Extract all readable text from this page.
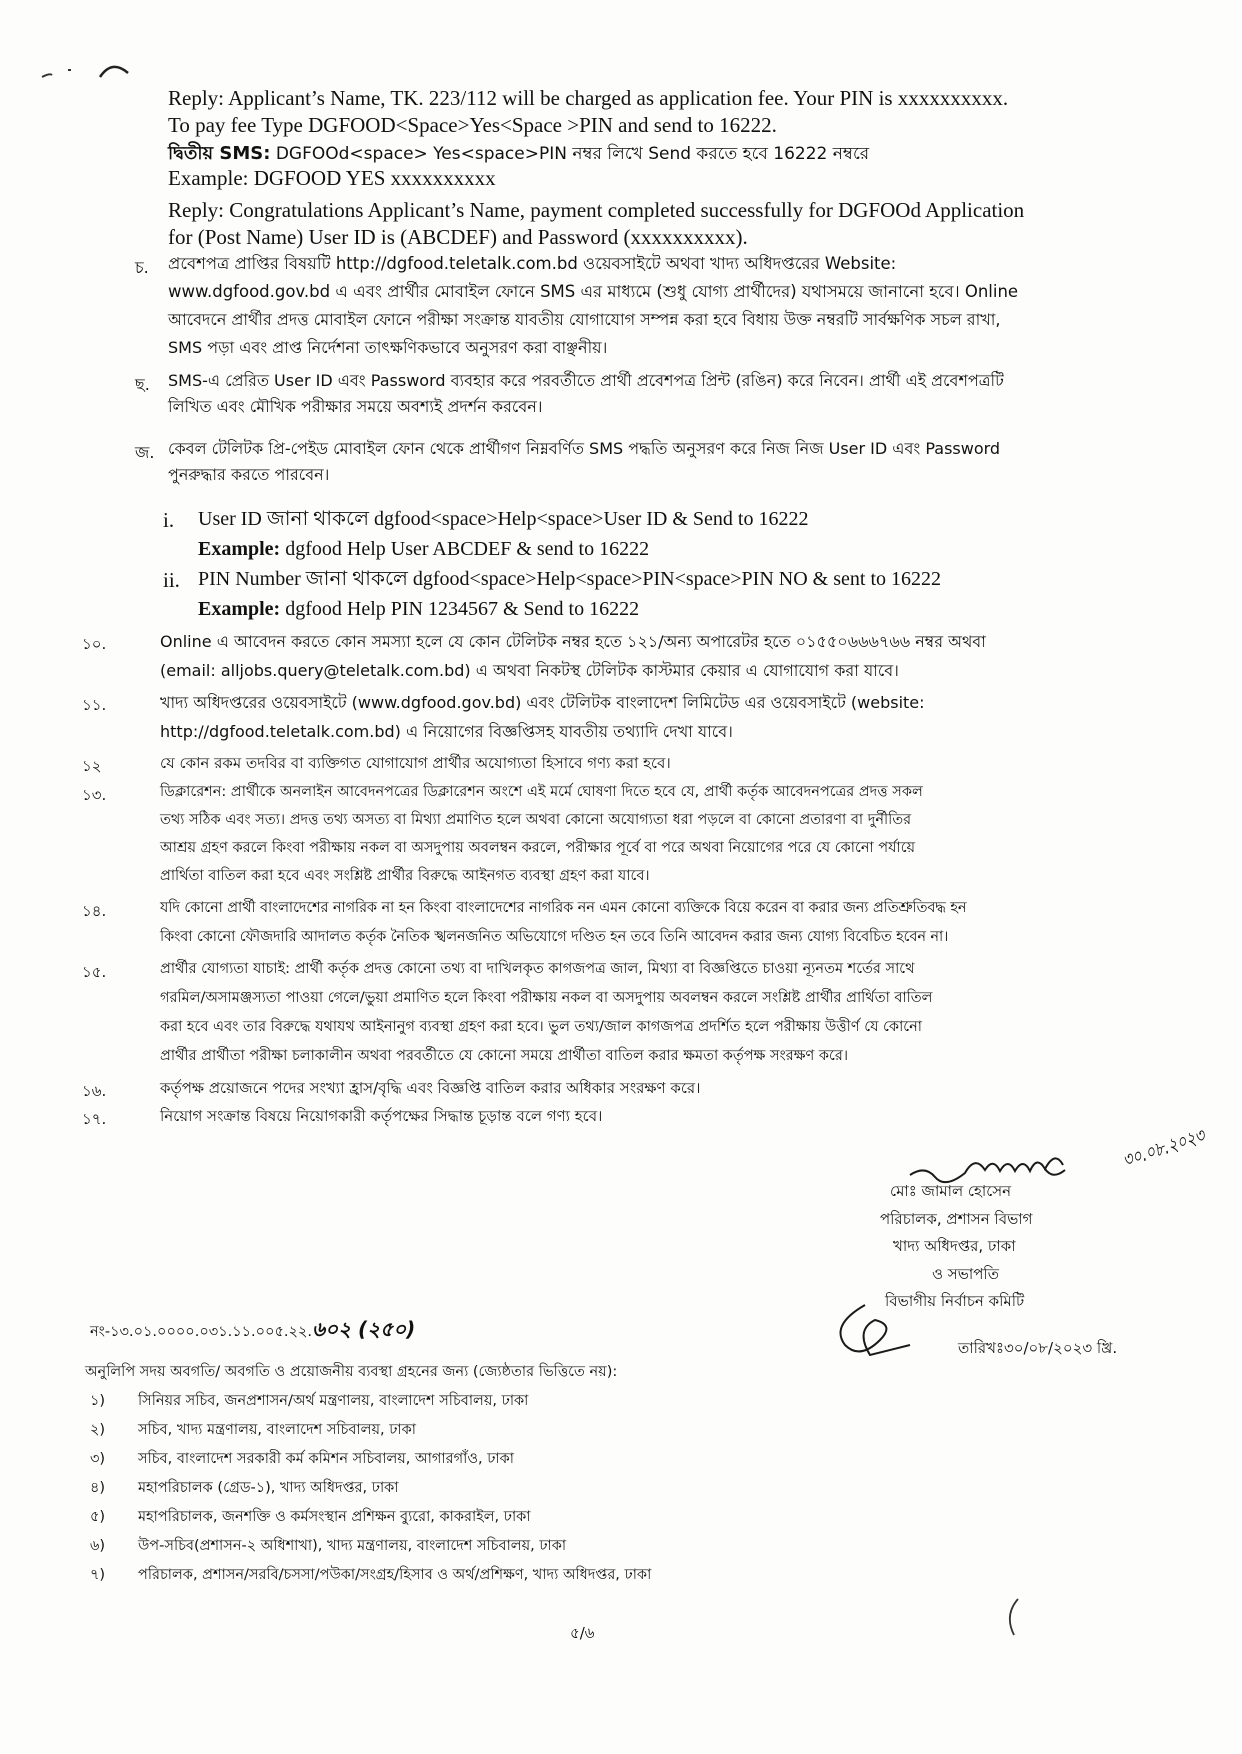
Reply: Applicant’s Name, TK. 223/112 will be charged as application fee. Your PIN is xxxxxxxxxx.
To pay fee Type DGFOOD<Space>Yes<Space >PIN and send to 16222.
দ্বিতীয় SMS: DGFOOd<space> Yes<space>PIN নম্বর লিখে Send করতে হবে 16222 নম্বরে
Example: DGFOOD YES xxxxxxxxxx
Reply: Congratulations Applicant’s Name, payment completed successfully for DGFOOd Application
for (Post Name) User ID is (ABCDEF) and Password (xxxxxxxxxx).
চ. প্রবেশপত্র প্রাপ্তির বিষয়টি http://dgfood.teletalk.com.bd ওয়েবসাইটে অথবা খাদ্য অধিদপ্তরের Website:
www.dgfood.gov.bd এ এবং প্রার্থীর মোবাইল ফোনে SMS এর মাধ্যমে (শুধু যোগ্য প্রার্থীদের) যথাসময়ে জানানো হবে। Online
আবেদনে প্রার্থীর প্রদত্ত মোবাইল ফোনে পরীক্ষা সংক্রান্ত যাবতীয় যোগাযোগ সম্পন্ন করা হবে বিধায় উক্ত নম্বরটি সার্বক্ষণিক সচল রাখা,
SMS পড়া এবং প্রাপ্ত নির্দেশনা তাৎক্ষণিকভাবে অনুসরণ করা বাঞ্ছনীয়।
ছ. SMS-এ প্রেরিত User ID এবং Password ব্যবহার করে পরবর্তীতে প্রার্থী প্রবেশপত্র প্রিন্ট (রঙিন) করে নিবেন। প্রার্থী এই প্রবেশপত্রটি
লিখিত এবং মৌখিক পরীক্ষার সময়ে অবশ্যই প্রদর্শন করবেন।
জ. কেবল টেলিটক প্রি-পেইড মোবাইল ফোন থেকে প্রার্থীগণ নিম্নবর্ণিত SMS পদ্ধতি অনুসরণ করে নিজ নিজ User ID এবং Password
পুনরুদ্ধার করতে পারবেন।
i. User ID জানা থাকলে dgfood<space>Help<space>User ID & Send to 16222
Example: dgfood Help User ABCDEF & send to 16222
ii. PIN Number জানা থাকলে dgfood<space>Help<space>PIN<space>PIN NO & sent to 16222
Example: dgfood Help PIN 1234567 & Send to 16222
১০.	Online এ আবেদন করতে কোন সমস্যা হলে যে কোন টেলিটক নম্বর হতে ১২১/অন্য অপারেটর হতে ০১৫৫০৬৬৬৭৬৬ নম্বর অথবা
(email: alljobs.query@teletalk.com.bd) এ অথবা নিকটস্থ টেলিটক কাস্টমার কেয়ার এ যোগাযোগ করা যাবে।
১১.	খাদ্য অধিদপ্তরের ওয়েবসাইটে (www.dgfood.gov.bd) এবং টেলিটক বাংলাদেশ লিমিটেড এর ওয়েবসাইটে (website:
http://dgfood.teletalk.com.bd) এ নিয়োগের বিজ্ঞপ্তিসহ যাবতীয় তথ্যাদি দেখা যাবে।
১২	যে কোন রকম তদবির বা ব্যক্তিগত যোগাযোগ প্রার্থীর অযোগ্যতা হিসাবে গণ্য করা হবে।
১৩.	ডিক্লারেশন: প্রার্থীকে অনলাইন আবেদনপত্রের ডিক্লারেশন অংশে এই মর্মে ঘোষণা দিতে হবে যে, প্রার্থী কর্তৃক আবেদনপত্রের প্রদত্ত সকল
তথ্য সঠিক এবং সত্য। প্রদত্ত তথ্য অসত্য বা মিথ্যা প্রমাণিত হলে অথবা কোনো অযোগ্যতা ধরা পড়লে বা কোনো প্রতারণা বা দুর্নীতির
আশ্রয় গ্রহণ করলে কিংবা পরীক্ষায় নকল বা অসদুপায় অবলম্বন করলে, পরীক্ষার পূর্বে বা পরে অথবা নিয়োগের পরে যে কোনো পর্যায়ে
প্রার্থিতা বাতিল করা হবে এবং সংশ্লিষ্ট প্রার্থীর বিরুদ্ধে আইনগত ব্যবস্থা গ্রহণ করা যাবে।
১৪.	যদি কোনো প্রার্থী বাংলাদেশের নাগরিক না হন কিংবা বাংলাদেশের নাগরিক নন এমন কোনো ব্যক্তিকে বিয়ে করেন বা করার জন্য প্রতিশ্রুতিবদ্ধ হন
কিংবা কোনো ফৌজদারি আদালত কর্তৃক নৈতিক স্খলনজনিত অভিযোগে দণ্ডিত হন তবে তিনি আবেদন করার জন্য যোগ্য বিবেচিত হবেন না।
১৫.	প্রার্থীর যোগ্যতা যাচাই: প্রার্থী কর্তৃক প্রদত্ত কোনো তথ্য বা দাখিলকৃত কাগজপত্র জাল, মিথ্যা বা বিজ্ঞপ্তিতে চাওয়া ন্যূনতম শর্তের সাথে
গরমিল/অসামঞ্জস্যতা পাওয়া গেলে/ভুয়া প্রমাণিত হলে কিংবা পরীক্ষায় নকল বা অসদুপায় অবলম্বন করলে সংশ্লিষ্ট প্রার্থীর প্রার্থিতা বাতিল
করা হবে এবং তার বিরুদ্ধে যথাযথ আইনানুগ ব্যবস্থা গ্রহণ করা হবে। ভুল তথ্য/জাল কাগজপত্র প্রদর্শিত হলে পরীক্ষায় উত্তীর্ণ যে কোনো
প্রার্থীর প্রার্থীতা পরীক্ষা চলাকালীন অথবা পরবর্তীতে যে কোনো সময়ে প্রার্থীতা বাতিল করার ক্ষমতা কর্তৃপক্ষ সংরক্ষণ করে।
১৬.	কর্তৃপক্ষ প্রয়োজনে পদের সংখ্যা হ্রাস/বৃদ্ধি এবং বিজ্ঞপ্তি বাতিল করার অধিকার সংরক্ষণ করে।
১৭.	নিয়োগ সংক্রান্ত বিষয়ে নিয়োগকারী কর্তৃপক্ষের সিদ্ধান্ত চূড়ান্ত বলে গণ্য হবে।
৩০.০৮.২০২৩
মোঃ জামাল হোসেন
পরিচালক, প্রশাসন বিভাগ
খাদ্য অধিদপ্তর, ঢাকা
ও সভাপতি
বিভাগীয় নির্বাচন কমিটি
নং-১৩.০১.০০০০.০৩১.১১.০০৫.২২.৬০২ (২৫০)
তারিখঃ৩০/০৮/২০২৩ খ্রি.
অনুলিপি সদয় অবগতি/ অবগতি ও প্রয়োজনীয় ব্যবস্থা গ্রহনের জন্য (জ্যেষ্ঠতার ভিত্তিতে নয়):
১) সিনিয়র সচিব, জনপ্রশাসন/অর্থ মন্ত্রণালয়, বাংলাদেশ সচিবালয়, ঢাকা
২) সচিব, খাদ্য মন্ত্রণালয়, বাংলাদেশ সচিবালয়, ঢাকা
৩) সচিব, বাংলাদেশ সরকারী কর্ম কমিশন সচিবালয়, আগারগাঁও, ঢাকা
৪) মহাপরিচালক (গ্রেড-১), খাদ্য অধিদপ্তর, ঢাকা
৫) মহাপরিচালক, জনশক্তি ও কর্মসংস্থান প্রশিক্ষন ব্যুরো, কাকরাইল, ঢাকা
৬) উপ-সচিব(প্রশাসন-২ অধিশাখা), খাদ্য মন্ত্রণালয়, বাংলাদেশ সচিবালয়, ঢাকা
৭) পরিচালক, প্রশাসন/সরবি/চসসা/পউকা/সংগ্রহ/হিসাব ও অর্থ/প্রশিক্ষণ, খাদ্য অধিদপ্তর, ঢাকা
৫/৬
